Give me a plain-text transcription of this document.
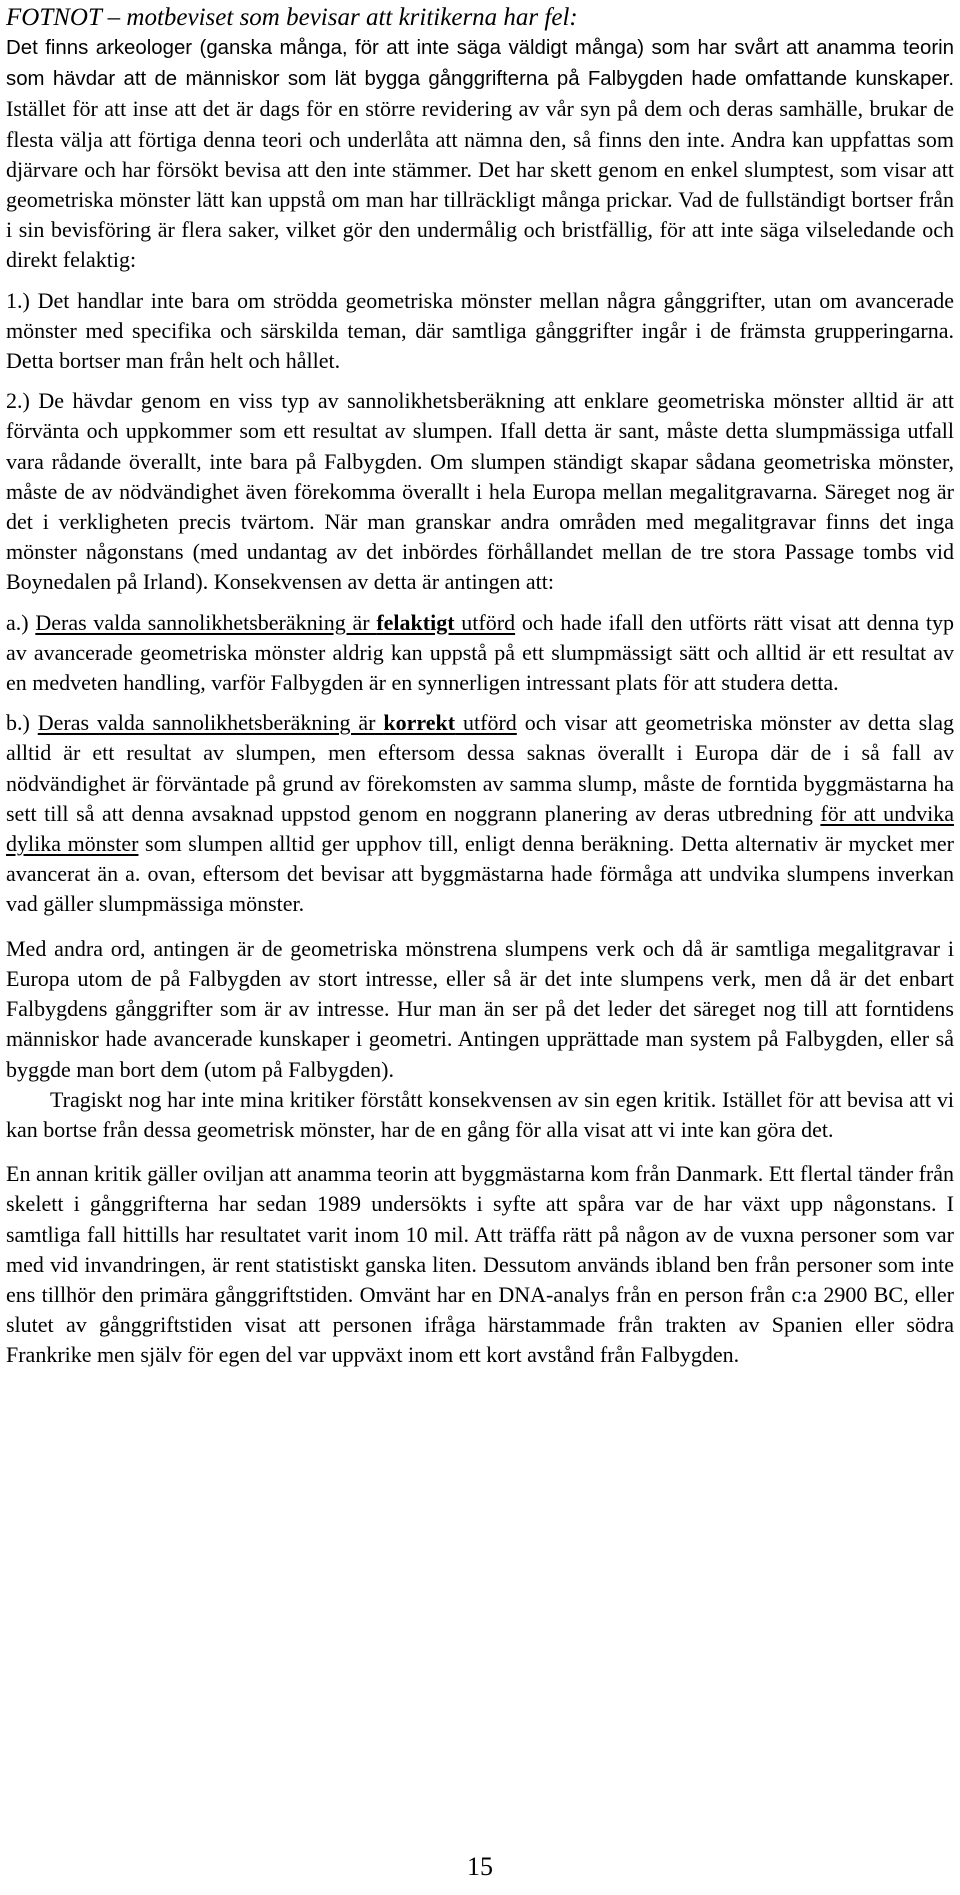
FOTNOT – motbeviset som bevisar att kritikerna har fel:

Det finns arkeologer (ganska många, för att inte säga väldigt många) som har svårt att anamma teorin som hävdar att de människor som lät bygga gånggrifterna på Falbygden hade omfattande kunskaper. Istället för att inse att det är dags för en större revidering av vår syn på dem och deras samhälle, brukar de flesta välja att förtiga denna teori och underlåta att nämna den, så finns den inte. Andra kan uppfattas som djärvare och har försökt bevisa att den inte stämmer. Det har skett genom en enkel slumptest, som visar att geometriska mönster lätt kan uppstå om man har tillräckligt många prickar. Vad de fullständigt bortser från i sin bevisföring är flera saker, vilket gör den undermålig och bristfällig, för att inte säga vilseledande och direkt felaktig:

1.) Det handlar inte bara om strödda geometriska mönster mellan några gånggrifter, utan om avancerade mönster med specifika och särskilda teman, där samtliga gånggrifter ingår i de främsta grupperingarna. Detta bortser man från helt och hållet.

2.) De hävdar genom en viss typ av sannolikhetsberäkning att enklare geometriska mönster alltid är att förvänta och uppkommer som ett resultat av slumpen. Ifall detta är sant, måste detta slumpmässiga utfall vara rådande överallt, inte bara på Falbygden. Om slumpen ständigt skapar sådana geometriska mönster, måste de av nödvändighet även förekomma överallt i hela Europa mellan megalitgravarna. Säreget nog är det i verkligheten precis tvärtom. När man granskar andra områden med megalitgravar finns det inga mönster någonstans (med undantag av det inbördes förhållandet mellan de tre stora Passage tombs vid Boynedalen på Irland). Konsekvensen av detta är antingen att:

a.) Deras valda sannolikhetsberäkning är felaktigt utförd och hade ifall den utförts rätt visat att denna typ av avancerade geometriska mönster aldrig kan uppstå på ett slumpmässigt sätt och alltid är ett resultat av en medveten handling, varför Falbygden är en synnerligen intressant plats för att studera detta.

b.) Deras valda sannolikhetsberäkning är korrekt utförd och visar att geometriska mönster av detta slag alltid är ett resultat av slumpen, men eftersom dessa saknas överallt i Europa där de i så fall av nödvändighet är förväntade på grund av förekomsten av samma slump, måste de forntida byggmästarna ha sett till så att denna avsaknad uppstod genom en noggrann planering av deras utbredning för att undvika dylika mönster som slumpen alltid ger upphov till, enligt denna beräkning. Detta alternativ är mycket mer avancerat än a. ovan, eftersom det bevisar att byggmästarna hade förmåga att undvika slumpens inverkan vad gäller slumpmässiga mönster.

Med andra ord, antingen är de geometriska mönstrena slumpens verk och då är samtliga megalitgravar i Europa utom de på Falbygden av stort intresse, eller så är det inte slumpens verk, men då är det enbart Falbygdens gånggrifter som är av intresse. Hur man än ser på det leder det säreget nog till att forntidens människor hade avancerade kunskaper i geometri. Antingen upprättade man system på Falbygden, eller så byggde man bort dem (utom på Falbygden).

Tragiskt nog har inte mina kritiker förstått konsekvensen av sin egen kritik. Istället för att bevisa att vi kan bortse från dessa geometrisk mönster, har de en gång för alla visat att vi inte kan göra det.

En annan kritik gäller oviljan att anamma teorin att byggmästarna kom från Danmark. Ett flertal tänder från skelett i gånggrifterna har sedan 1989 undersökts i syfte att spåra var de har växt upp någonstans. I samtliga fall hittills har resultatet varit inom 10 mil. Att träffa rätt på någon av de vuxna personer som var med vid invandringen, är rent statistiskt ganska liten. Dessutom används ibland ben från personer som inte ens tillhör den primära gånggriftstiden. Omvänt har en DNA-analys från en person från c:a 2900 BC, eller slutet av gånggriftstiden visat att personen ifråga härstammade från trakten av Spanien eller södra Frankrike men själv för egen del var uppväxt inom ett kort avstånd från Falbygden.

15
